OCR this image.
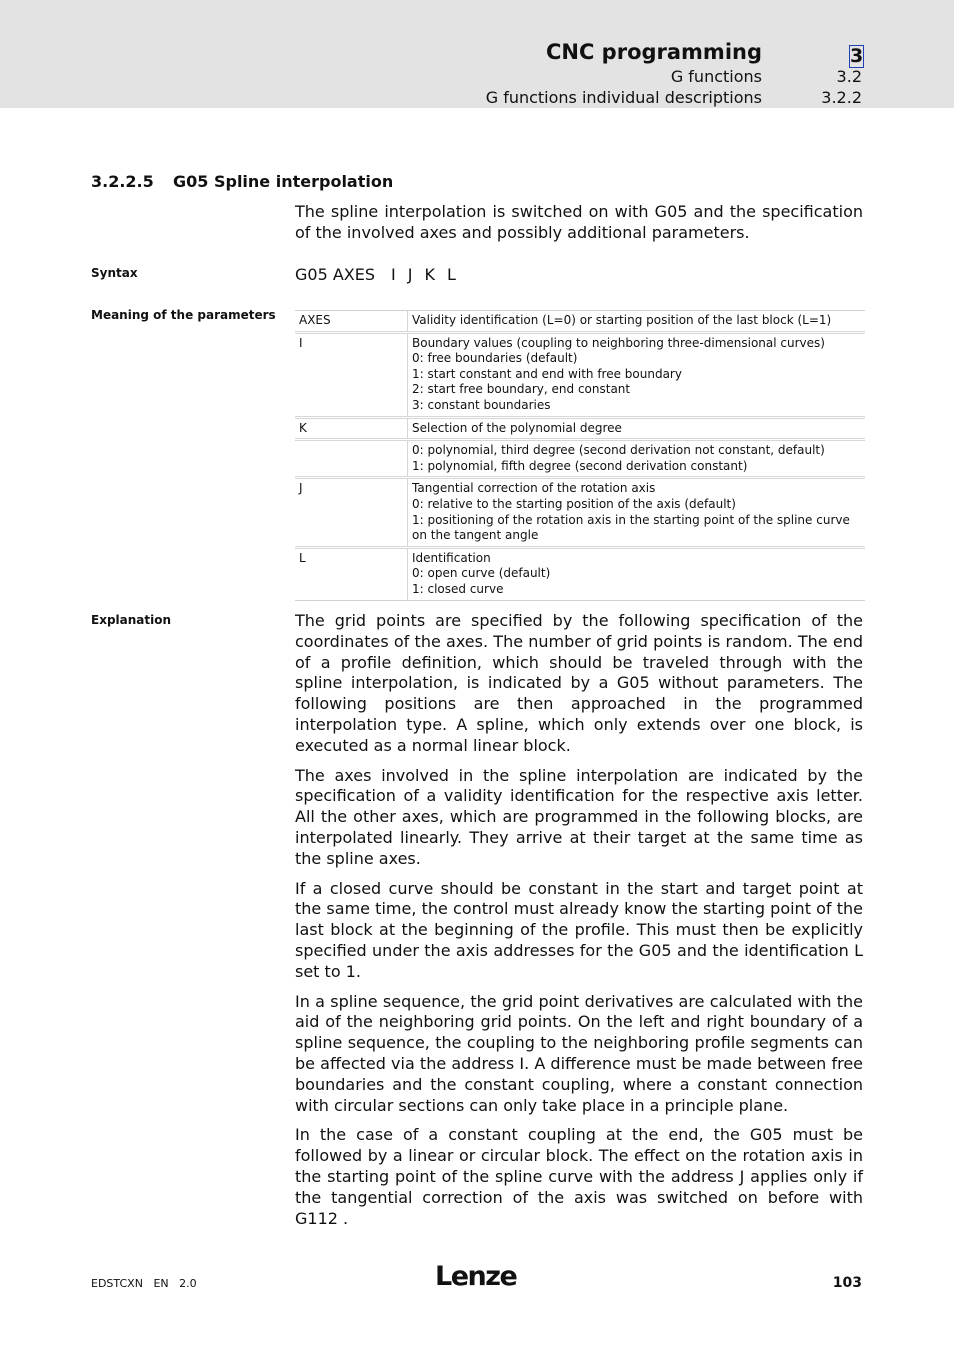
CNC programming	3
G functions	3.2
G functions individual descriptions	3.2.2
3.2.2.5 G05 Spline interpolation
The spline interpolation is switched on with G05 and the specification of the involved axes and possibly additional parameters.
Syntax	G05 AXES I J K L
Meaning of the parameters	AXES	Validity identification (L=0) or starting position of the last block (L=1)
I	Boundary values (coupling to neighboring three-dimensional curves)
0: free boundaries (default)
1: start constant and end with free boundary
2: start free boundary, end constant
3: constant boundaries
K	Selection of the polynomial degree
0: polynomial, third degree (second derivation not constant, default)
1: polynomial, fifth degree (second derivation constant)
J	Tangential correction of the rotation axis
0: relative to the starting position of the axis (default)
1: positioning of the rotation axis in the starting point of the spline curve on the tangent angle
L	Identification
0: open curve (default)
1: closed curve
Explanation	The grid points are specified by the following specification of the coordinates of the axes. The number of grid points is random. The end of a profile definition, which should be traveled through with the spline interpolation, is indicated by a G05 without parameters. The following positions are then approached in the programmed interpolation type. A spline, which only extends over one block, is executed as a normal linear block.

The axes involved in the spline interpolation are indicated by the specification of a validity identification for the respective axis letter. All the other axes, which are programmed in the following blocks, are interpolated linearly. They arrive at their target at the same time as the spline axes.

If a closed curve should be constant in the start and target point at the same time, the control must already know the starting point of the last block at the beginning of the profile. This must then be explicitly specified under the axis addresses for the G05 and the identification L set to 1.

In a spline sequence, the grid point derivatives are calculated with the aid of the neighboring grid points. On the left and right boundary of a spline sequence, the coupling to the neighboring profile segments can be affected via the address I. A difference must be made between free boundaries and the constant coupling, where a constant connection with circular sections can only take place in a principle plane.

In the case of a constant coupling at the end, the G05 must be followed by a linear or circular block. The effect on the rotation axis in the starting point of the spline curve with the address J applies only if the tangential correction of the axis was switched on before with G112 .

EDSTCXN EN 2.0	Lenze	103
